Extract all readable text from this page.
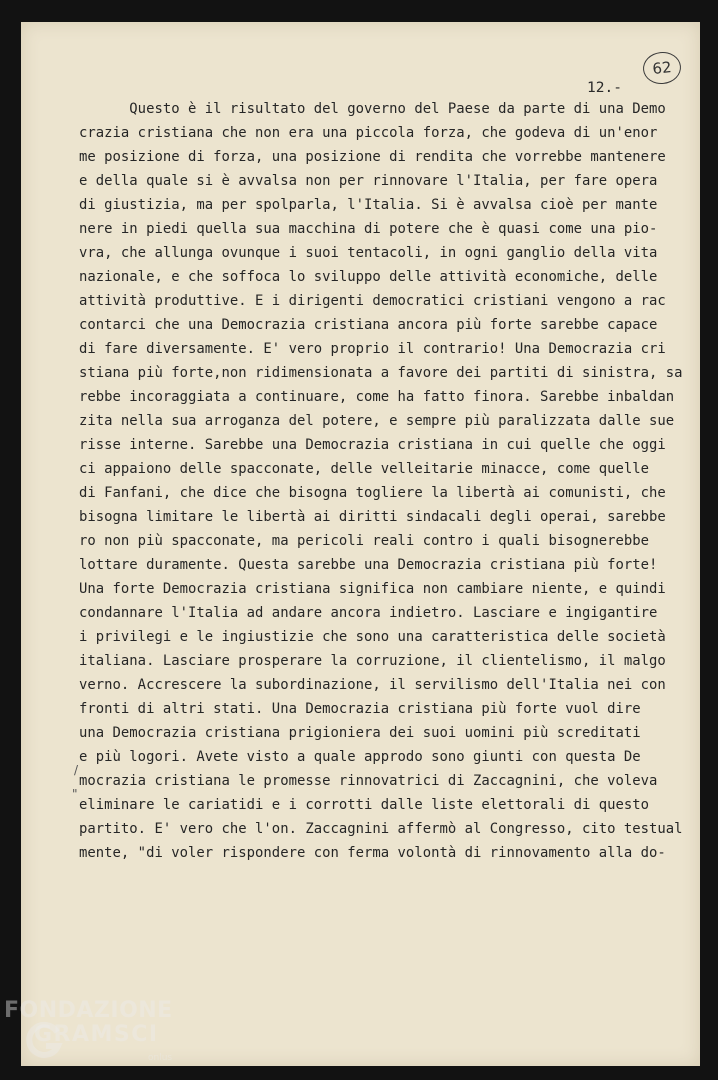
62
12.-
Questo è il risultato del governo del Paese da parte di una Demo
crazia cristiana che non era una piccola forza, che godeva di un'enor
me posizione di forza, una posizione di rendita che vorrebbe mantenere
e della quale si è avvalsa non per rinnovare l'Italia, per fare opera
di giustizia, ma per spolparla, l'Italia. Si è avvalsa cioè per mante
nere in piedi quella sua macchina di potere che è quasi come una pio-
vra, che allunga ovunque i suoi tentacoli, in ogni ganglio della vita
nazionale, e che soffoca lo sviluppo delle attività economiche, delle
attività produttive. E i dirigenti democratici cristiani vengono a rac
contarci che una Democrazia cristiana ancora più forte sarebbe capace
di fare diversamente. E' vero proprio il contrario! Una Democrazia cri
stiana più forte,non ridimensionata a favore dei partiti di sinistra, sa
rebbe incoraggiata a continuare, come ha fatto finora. Sarebbe inbaldan
zita nella sua arroganza del potere, e sempre più paralizzata dalle sue
risse interne. Sarebbe una Democrazia cristiana in cui quelle che oggi
ci appaiono delle spacconate, delle velleitarie minacce, come quelle
di Fanfani, che dice che bisogna togliere la libertà ai comunisti, che
bisogna limitare le libertà ai diritti sindacali degli operai, sarebbe
ro non più spacconate, ma pericoli reali contro i quali bisognerebbe
lottare duramente. Questa sarebbe una Democrazia cristiana più forte!
Una forte Democrazia cristiana significa non cambiare niente, e quindi
condannare l'Italia ad andare ancora indietro. Lasciare e ingigantire
i privilegi e le ingiustizie che sono una caratteristica delle società
italiana. Lasciare prosperare la corruzione, il clientelismo, il malgo
verno. Accrescere la subordinazione, il servilismo dell'Italia nei con
fronti di altri stati. Una Democrazia cristiana più forte vuol dire
una Democrazia cristiana prigioniera dei suoi uomini più screditati
e più logori. Avete visto a quale approdo sono giunti con questa De
mocrazia cristiana le promesse rinnovatrici di Zaccagnini, che voleva
eliminare le cariatidi e i corrotti dalle liste elettorali di questo
partito. E' vero che l'on. Zaccagnini affermò al Congresso, cito testual
mente, "di voler rispondere con ferma volontà di rinnovamento alla do-
/
"
FONDAZIONE
GRAMSCI
onlus
